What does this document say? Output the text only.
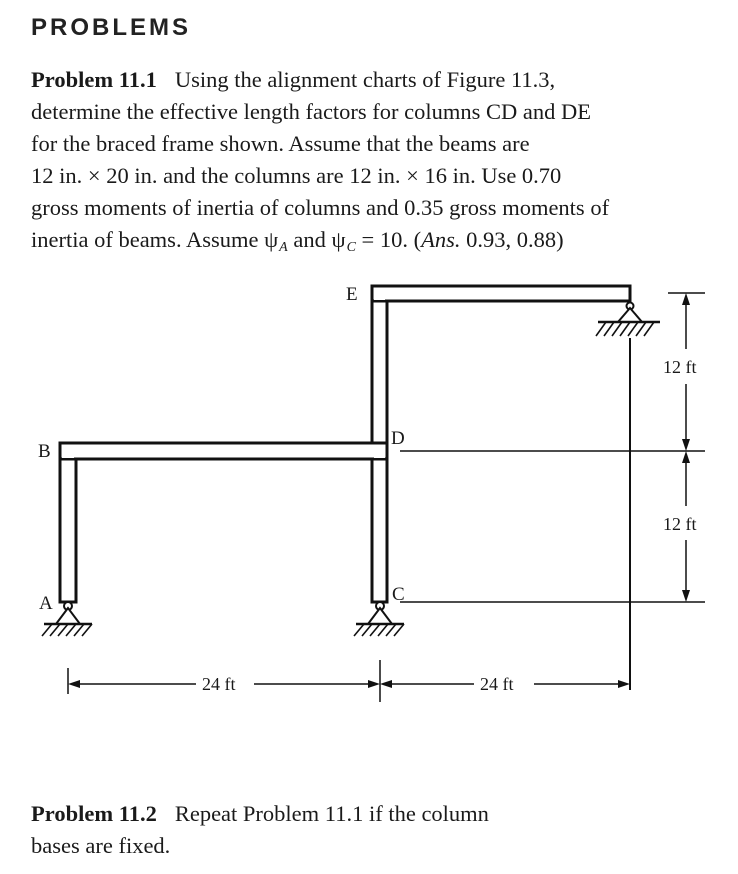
PROBLEMS
Problem 11.1 Using the alignment charts of Figure 11.3,
determine the effective length factors for columns CD and DE
for the braced frame shown. Assume that the beams are
12 in. × 20 in. and the columns are 12 in. × 16 in. Use 0.70
gross moments of inertia of columns and 0.35 gross moments of
inertia of beams. Assume ψA and ψC = 10. (Ans. 0.93, 0.88)
E
D
B
A	C
12 ft
12 ft
24 ft	24 ft
Problem 11.2 Repeat Problem 11.1 if the column
bases are fixed.
